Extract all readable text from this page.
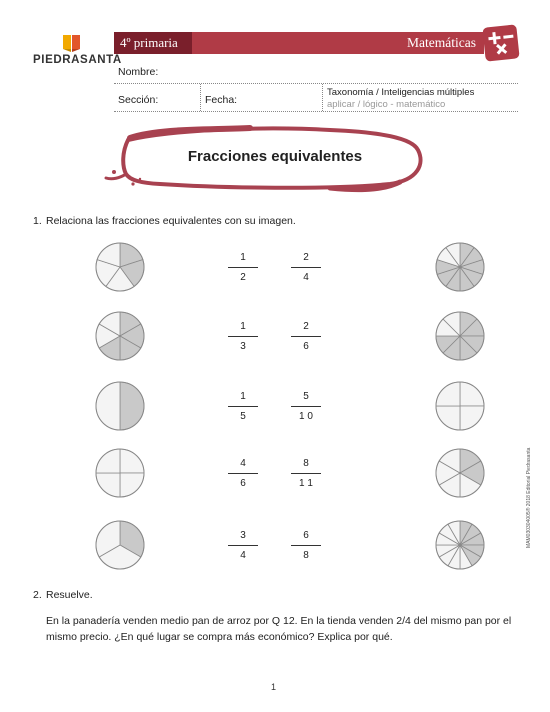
PIEDRASANTA
4º primaria	Matemáticas
Nombre:
Sección:	Fecha:
Taxonomía / Inteligencias múltiples
aplicar / lógico - matemático
Fracciones equivalentes
1. Relaciona las fracciones equivalentes con su imagen.
1
2
2
4
1
3
2
6
1
5
5
1 0
4
6
8
1 1
3
4
6
8
2. Resuelve.
En la panadería venden medio pan de arroz por Q 12. En la tienda venden 2/4 del mismo pan por el mismo precio. ¿En qué lugar se compra más económico? Explica por qué.
MAM030304005® 2018 Editorial Piedrasanta
1
